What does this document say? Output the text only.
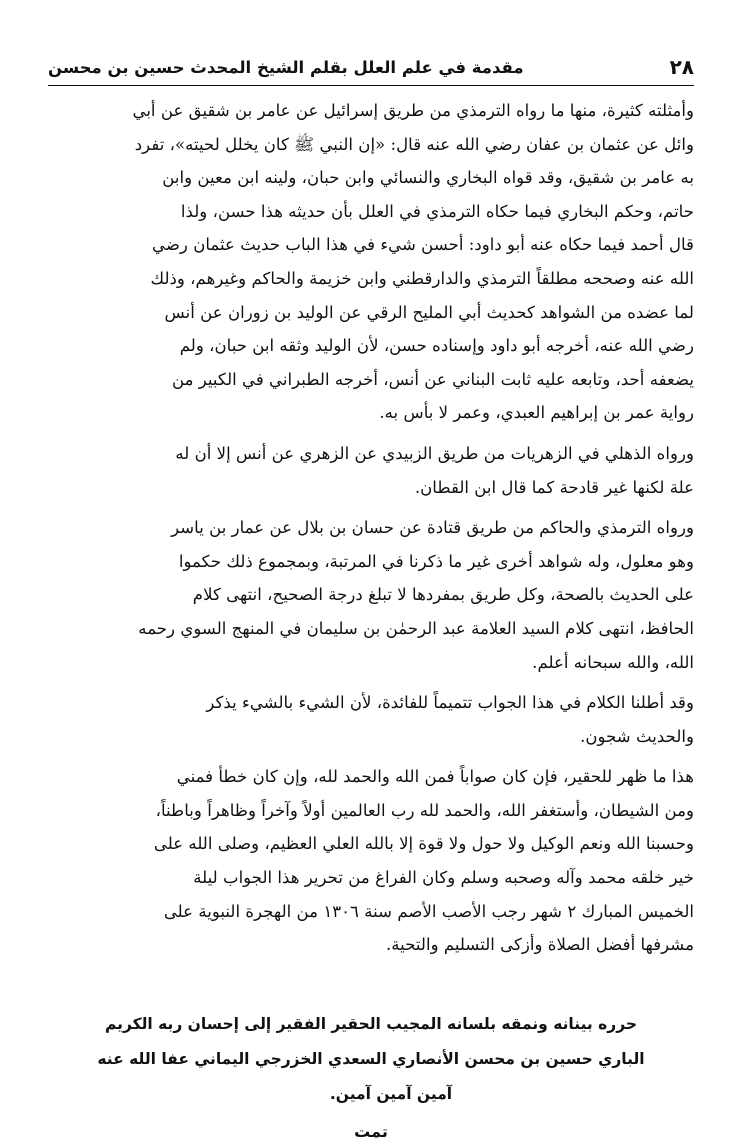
٢٨
مقدمة في علم العلل بقلم الشيخ المحدث حسين بن محسن

وأمثلته كثيرة، منها ما رواه الترمذي من طريق إسرائيل عن عامر بن شقيق عن أبي
وائل عن عثمان بن عفان رضي الله عنه قال: «إن النبي ﷺ كان يخلل لحيته»، تفرد
به عامر بن شقيق، وقد قواه البخاري والنسائي وابن حبان، ولينه ابن معين وابن
حاتم، وحكم البخاري فيما حكاه الترمذي في العلل بأن حديثه هذا حسن، ولذا
قال أحمد فيما حكاه عنه أبو داود: أحسن شيء في هذا الباب حديث عثمان رضي
الله عنه وصححه مطلقاً الترمذي والدارقطني وابن خزيمة والحاكم وغيرهم، وذلك
لما عضده من الشواهد كحديث أبي المليح الرقي عن الوليد بن زوران عن أنس
رضي الله عنه، أخرجه أبو داود وإسناده حسن، لأن الوليد وثقه ابن حبان، ولم
يضعفه أحد، وتابعه عليه ثابت البناني عن أنس، أخرجه الطبراني في الكبير من
رواية عمر بن إبراهيم العبدي، وعمر لا بأس به.

ورواه الذهلي في الزهريات من طريق الزبيدي عن الزهري عن أنس إلا أن له
علة لكنها غير قادحة كما قال ابن القطان.

ورواه الترمذي والحاكم من طريق قتادة عن حسان بن بلال عن عمار بن ياسر
وهو معلول، وله شواهد أخرى غير ما ذكرنا في المرتبة، وبمجموع ذلك حكموا
على الحديث بالصحة، وكل طريق بمفردها لا تبلغ درجة الصحيح، انتهى كلام
الحافظ، انتهى كلام السيد العلامة عبد الرحمٰن بن سليمان في المنهج السوي رحمه
الله، والله سبحانه أعلم.

وقد أطلنا الكلام في هذا الجواب تتميماً للفائدة، لأن الشيء بالشيء يذكر
والحديث شجون.

هذا ما ظهر للحقير، فإن كان صواباً فمن الله والحمد لله، وإن كان خطأ فمني
ومن الشيطان، وأستغفر الله، والحمد لله رب العالمين أولاً وآخراً وظاهراً وباطناً،
وحسبنا الله ونعم الوكيل ولا حول ولا قوة إلا بالله العلي العظيم، وصلى الله على
خير خلقه محمد وآله وصحبه وسلم وكان الفراغ من تحرير هذا الجواب ليلة
الخميس المبارك ٢ شهر رجب الأصب الأصم سنة ١٣٠٦ من الهجرة النبوية على
مشرفها أفضل الصلاة وأزكى التسليم والتحية.

حرره بينانه ونمقه بلسانه المجيب الحقير الفقير إلى إحسان ربه الكريم
الباري حسين بن محسن الأنصاري السعدي الخزرجي اليماني عفا الله عنه
آمين آمين آمين.
تمت
